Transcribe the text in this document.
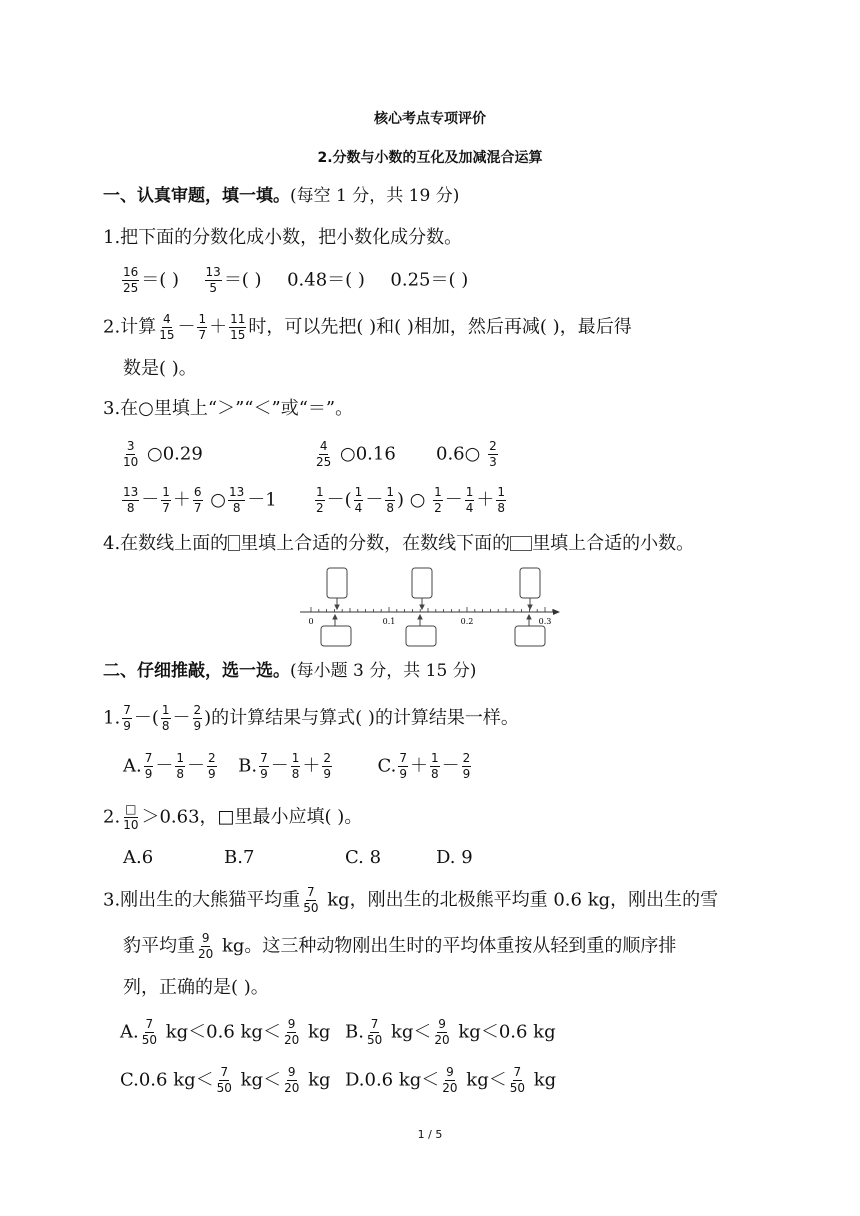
核心考点专项评价
2.分数与小数的互化及加减混合运算
一、认真审题，填一填。(每空 1 分，共 19 分)
1.把下面的分数化成小数，把小数化成分数。
$\frac{16}{25}$ ＝( ) $\frac{13}{5}$ ＝( ) 0.48＝( ) 0.25＝( )
2.计算 $\frac{4}{15} - \frac{1}{7} + \frac{11}{15}$ 时，可以先把( )和( )相加，然后再减( )，最后得
数是( )。
3.在○里填上“＞”“＜”或“＝”。
$\frac{3}{10}$ ○0.29	$\frac{4}{25}$ ○0.16 0.6○ $\frac{2}{3}$
$\frac{13}{8} - \frac{1}{7} + \frac{6}{7}$ ○ $\frac{13}{8} -1$	$\frac{1}{2}$ －( $\frac{1}{4} - \frac{1}{8}$ ) ○ $\frac{1}{2} - \frac{1}{4} + \frac{1}{8}$
4.在数线上面的 里填上合适的分数，在数线下面的 里填上合适的小数。
0	0.1	0.2	0.3
二、仔细推敲，选一选。(每小题 3 分，共 15 分)
1. $\frac{7}{9}$ －( $\frac{1}{8} - \frac{2}{9}$ )的计算结果与算式( )的计算结果一样。
A. $\frac{7}{9} - \frac{1}{8} - \frac{2}{9} B$. $\frac{7}{9} - \frac{1}{8} + \frac{2}{9}$	C. $\frac{7}{9} + \frac{1}{8} - \frac{2}{9}$
2. $\frac{□}{10} >0.63$，□里最小应填( )。
A.6	B.7	C. 8	D. 9
3.刚出生的大熊猫平均重 $\frac{7}{50}$ kg，刚出生的北极熊平均重 0.6 kg，刚出生的雪
豹平均重 $\frac{9}{20}$ kg。这三种动物刚出生时的平均体重按从轻到重的顺序排
列，正确的是( )。
A. $\frac{7}{50} kg<0.6$ $kg< \frac{9}{20}$ kg B. $\frac{7}{50} kg< \frac{9}{20} kg<0.6$ kg
C.0.6 $kg< \frac{7}{50} kg< \frac{9}{20}$ kg D.0.6 $kg< \frac{9}{20} kg< \frac{7}{50}$ kg
1 / 5
